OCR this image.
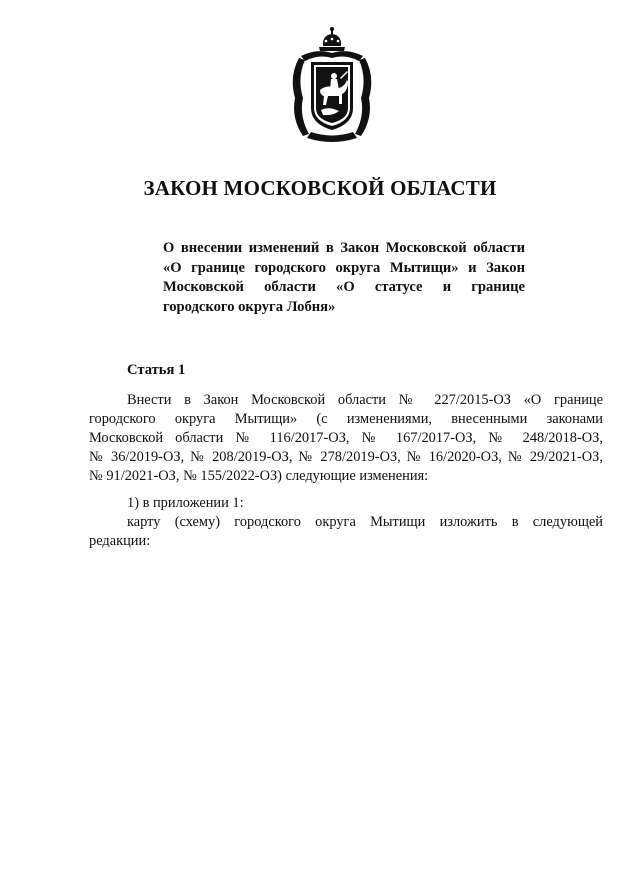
ЗАКОН МОСКОВСКОЙ ОБЛАСТИ
О внесении изменений в Закон Московской области
«О границе городского округа Мытищи» и Закон
Московской области «О статусе и границе
городского округа Лобня»
Статья 1
Внести в Закон Московской области № 227/2015-ОЗ «О границе
городского округа Мытищи» (с изменениями, внесенными законами
Московской области № 116/2017-ОЗ, № 167/2017-ОЗ, № 248/2018-ОЗ,
№ 36/2019-ОЗ, № 208/2019-ОЗ, № 278/2019-ОЗ, № 16/2020-ОЗ, № 29/2021-ОЗ,
№ 91/2021-ОЗ, № 155/2022-ОЗ) следующие изменения:
1) в приложении 1:
карту (схему) городского округа Мытищи изложить в следующей
редакции:
